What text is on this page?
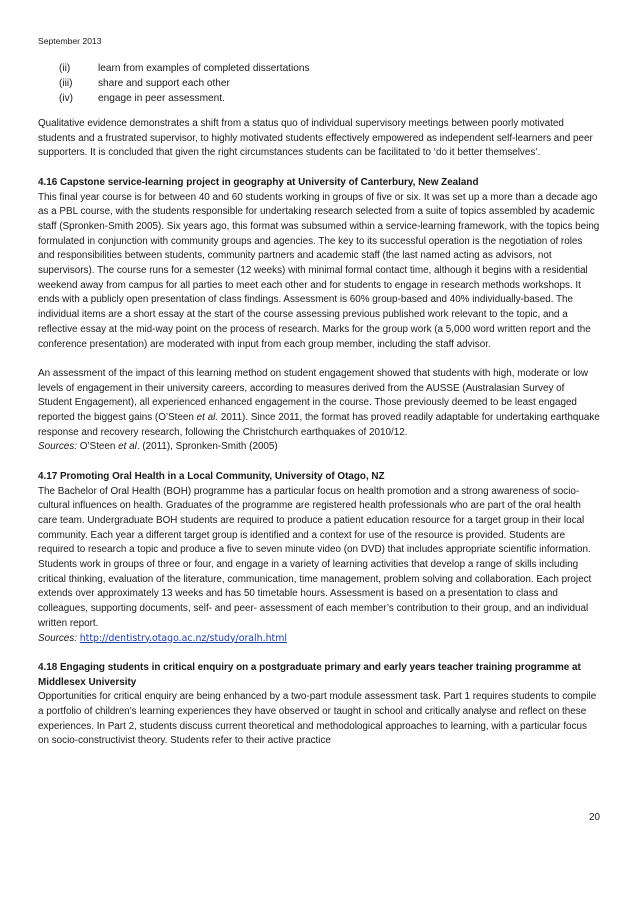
September 2013
(ii)	learn from examples of completed dissertations
(iii)	share and support each other
(iv)	engage in peer assessment.

Qualitative evidence demonstrates a shift from a status quo of individual supervisory meetings between poorly motivated students and a frustrated supervisor, to highly motivated students effectively empowered as independent self-learners and peer supporters. It is concluded that given the right circumstances students can be facilitated to ‘do it better themselves’.

4.16 Capstone service-learning project in geography at University of Canterbury, New Zealand

This final year course is for between 40 and 60 students working in groups of five or six. It was set up a more than a decade ago as a PBL course, with the students responsible for undertaking research selected from a suite of topics assembled by academic staff (Spronken-Smith 2005). Six years ago, this format was subsumed within a service-learning framework, with the topics being formulated in conjunction with community groups and agencies. The key to its successful operation is the negotiation of roles and responsibilities between students, community partners and academic staff (the last named acting as advisors, not supervisors). The course runs for a semester (12 weeks) with minimal formal contact time, although it begins with a residential weekend away from campus for all parties to meet each other and for students to engage in research methods workshops. It ends with a publicly open presentation of class findings. Assessment is 60% group-based and 40% individually-based. The individual items are a short essay at the start of the course assessing previous published work relevant to the topic, and a reflective essay at the mid-way point on the process of research. Marks for the group work (a 5,000 word written report and the conference presentation) are moderated with input from each group member, including the staff advisor.

An assessment of the impact of this learning method on student engagement showed that students with high, moderate or low levels of engagement in their university careers, according to measures derived from the AUSSE (Australasian Survey of Student Engagement), all experienced enhanced engagement in the course. Those previously deemed to be least engaged reported the biggest gains (O’Steen et al. 2011). Since 2011, the format has proved readily adaptable for undertaking earthquake response and recovery research, following the Christchurch earthquakes of 2010/12.

Sources: O’Steen et al. (2011), Spronken-Smith (2005)
4.17 Promoting Oral Health in a Local Community, University of Otago, NZ

The Bachelor of Oral Health (BOH) programme has a particular focus on health promotion and a strong awareness of socio-cultural influences on health. Graduates of the programme are registered health professionals who are part of the oral health care team. Undergraduate BOH students are required to produce a patient education resource for a target group in their local community. Each year a different target group is identified and a context for use of the resource is provided. Students are required to research a topic and produce a five to seven minute video (on DVD) that includes appropriate scientific information. Students work in groups of three or four, and engage in a variety of learning activities that develop a range of skills including critical thinking, evaluation of the literature, communication, time management, problem solving and collaboration. Each project extends over approximately 13 weeks and has 50 timetable hours. Assessment is based on a presentation to class and colleagues, supporting documents, self- and peer- assessment of each member’s contribution to their group, and an individual written report.

Sources: http://dentistry.otago.ac.nz/study/oralh.html
4.18 Engaging students in critical enquiry on a postgraduate primary and early years teacher training programme at Middlesex University

Opportunities for critical enquiry are being enhanced by a two-part module assessment task. Part 1 requires students to compile a portfolio of children’s learning experiences they have observed or taught in school and critically analyse and reflect on these experiences. In Part 2, students discuss current theoretical and methodological approaches to learning, with a particular focus on socio-constructivist theory. Students refer to their active practice

20
